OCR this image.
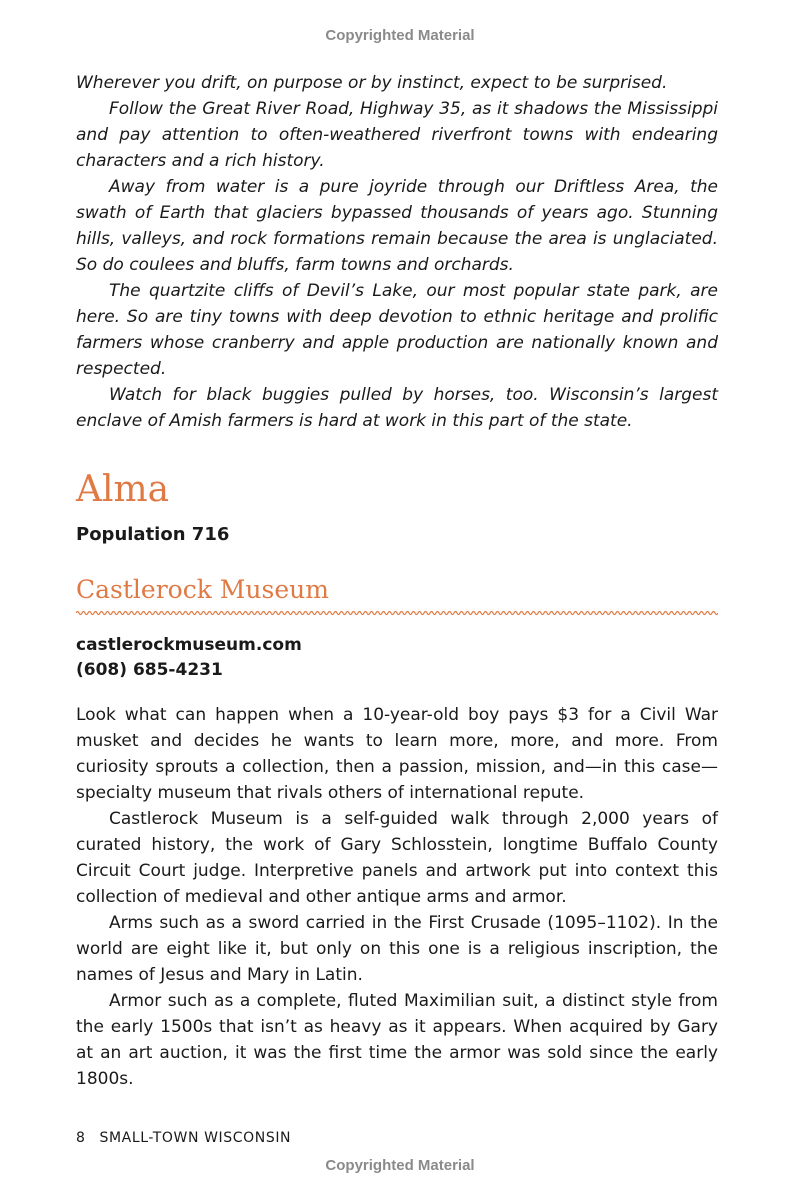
Copyrighted Material

Wherever you drift, on purpose or by instinct, expect to be surprised.

Follow the Great River Road, Highway 35, as it shadows the Mississippi and pay attention to often-weathered riverfront towns with endearing characters and a rich history.

Away from water is a pure joyride through our Driftless Area, the swath of Earth that glaciers bypassed thousands of years ago. Stunning hills, valleys, and rock formations remain because the area is unglaciated. So do coulees and bluffs, farm towns and orchards.

The quartzite cliffs of Devil’s Lake, our most popular state park, are here. So are tiny towns with deep devotion to ethnic heritage and prolific farmers whose cranberry and apple production are nationally known and respected.

Watch for black buggies pulled by horses, too. Wisconsin’s largest enclave of Amish farmers is hard at work in this part of the state.

Alma
Population 716
Castlerock Museum
castlerockmuseum.com
(608) 685-4231

Look what can happen when a 10-year-old boy pays $3 for a Civil War musket and decides he wants to learn more, more, and more. From curiosity sprouts a collection, then a passion, mission, and—in this case—specialty museum that rivals others of international repute.

Castlerock Museum is a self-guided walk through 2,000 years of curated history, the work of Gary Schlosstein, longtime Buffalo County Circuit Court judge. Interpretive panels and artwork put into context this collection of medieval and other antique arms and armor.

Arms such as a sword carried in the First Crusade (1095–1102). In the world are eight like it, but only on this one is a religious inscription, the names of Jesus and Mary in Latin.

Armor such as a complete, fluted Maximilian suit, a distinct style from the early 1500s that isn’t as heavy as it appears. When acquired by Gary at an art auction, it was the first time the armor was sold since the early 1800s.

8 SMALL-TOWN WISCONSIN
Copyrighted Material
